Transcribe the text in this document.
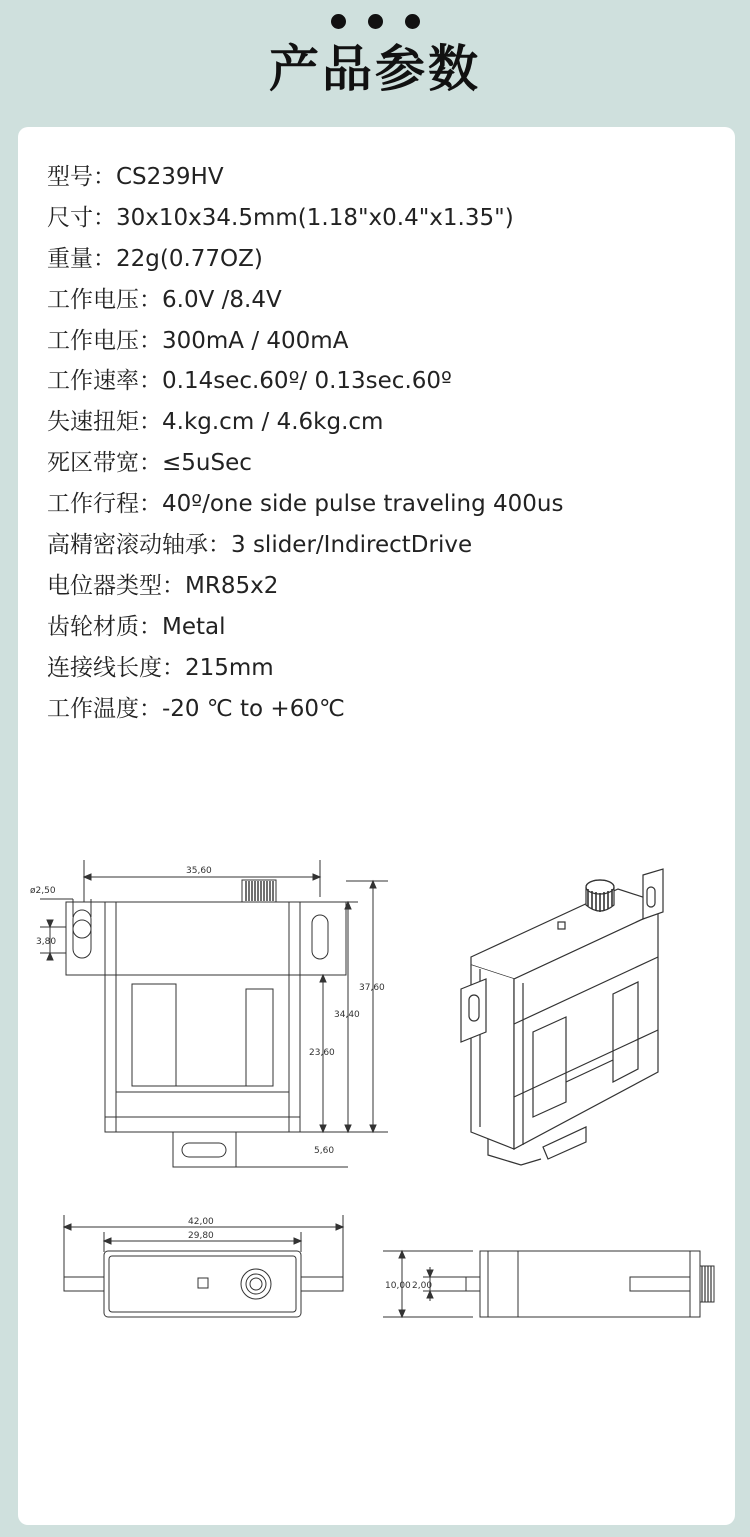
产品参数
型号：CS239HV
尺寸：30x10x34.5mm(1.18"x0.4"x1.35")
重量：22g(0.77OZ)
工作电压：6.0V /8.4V
工作电压：300mA / 400mA
工作速率：0.14sec.60º/ 0.13sec.60º
失速扭矩：4.kg.cm / 4.6kg.cm
死区带宽：≤5uSec
工作行程：40º/one side pulse traveling 400us
高精密滚动轴承：3 slider/IndirectDrive
电位器类型：MR85x2
齿轮材质：Metal
连接线长度：215mm
工作温度：-20 ℃ to +60℃
35,60
ø2,50
3,80
37,60
34,40
23,60
5,60
42,00
29,80
10,00 2,00
